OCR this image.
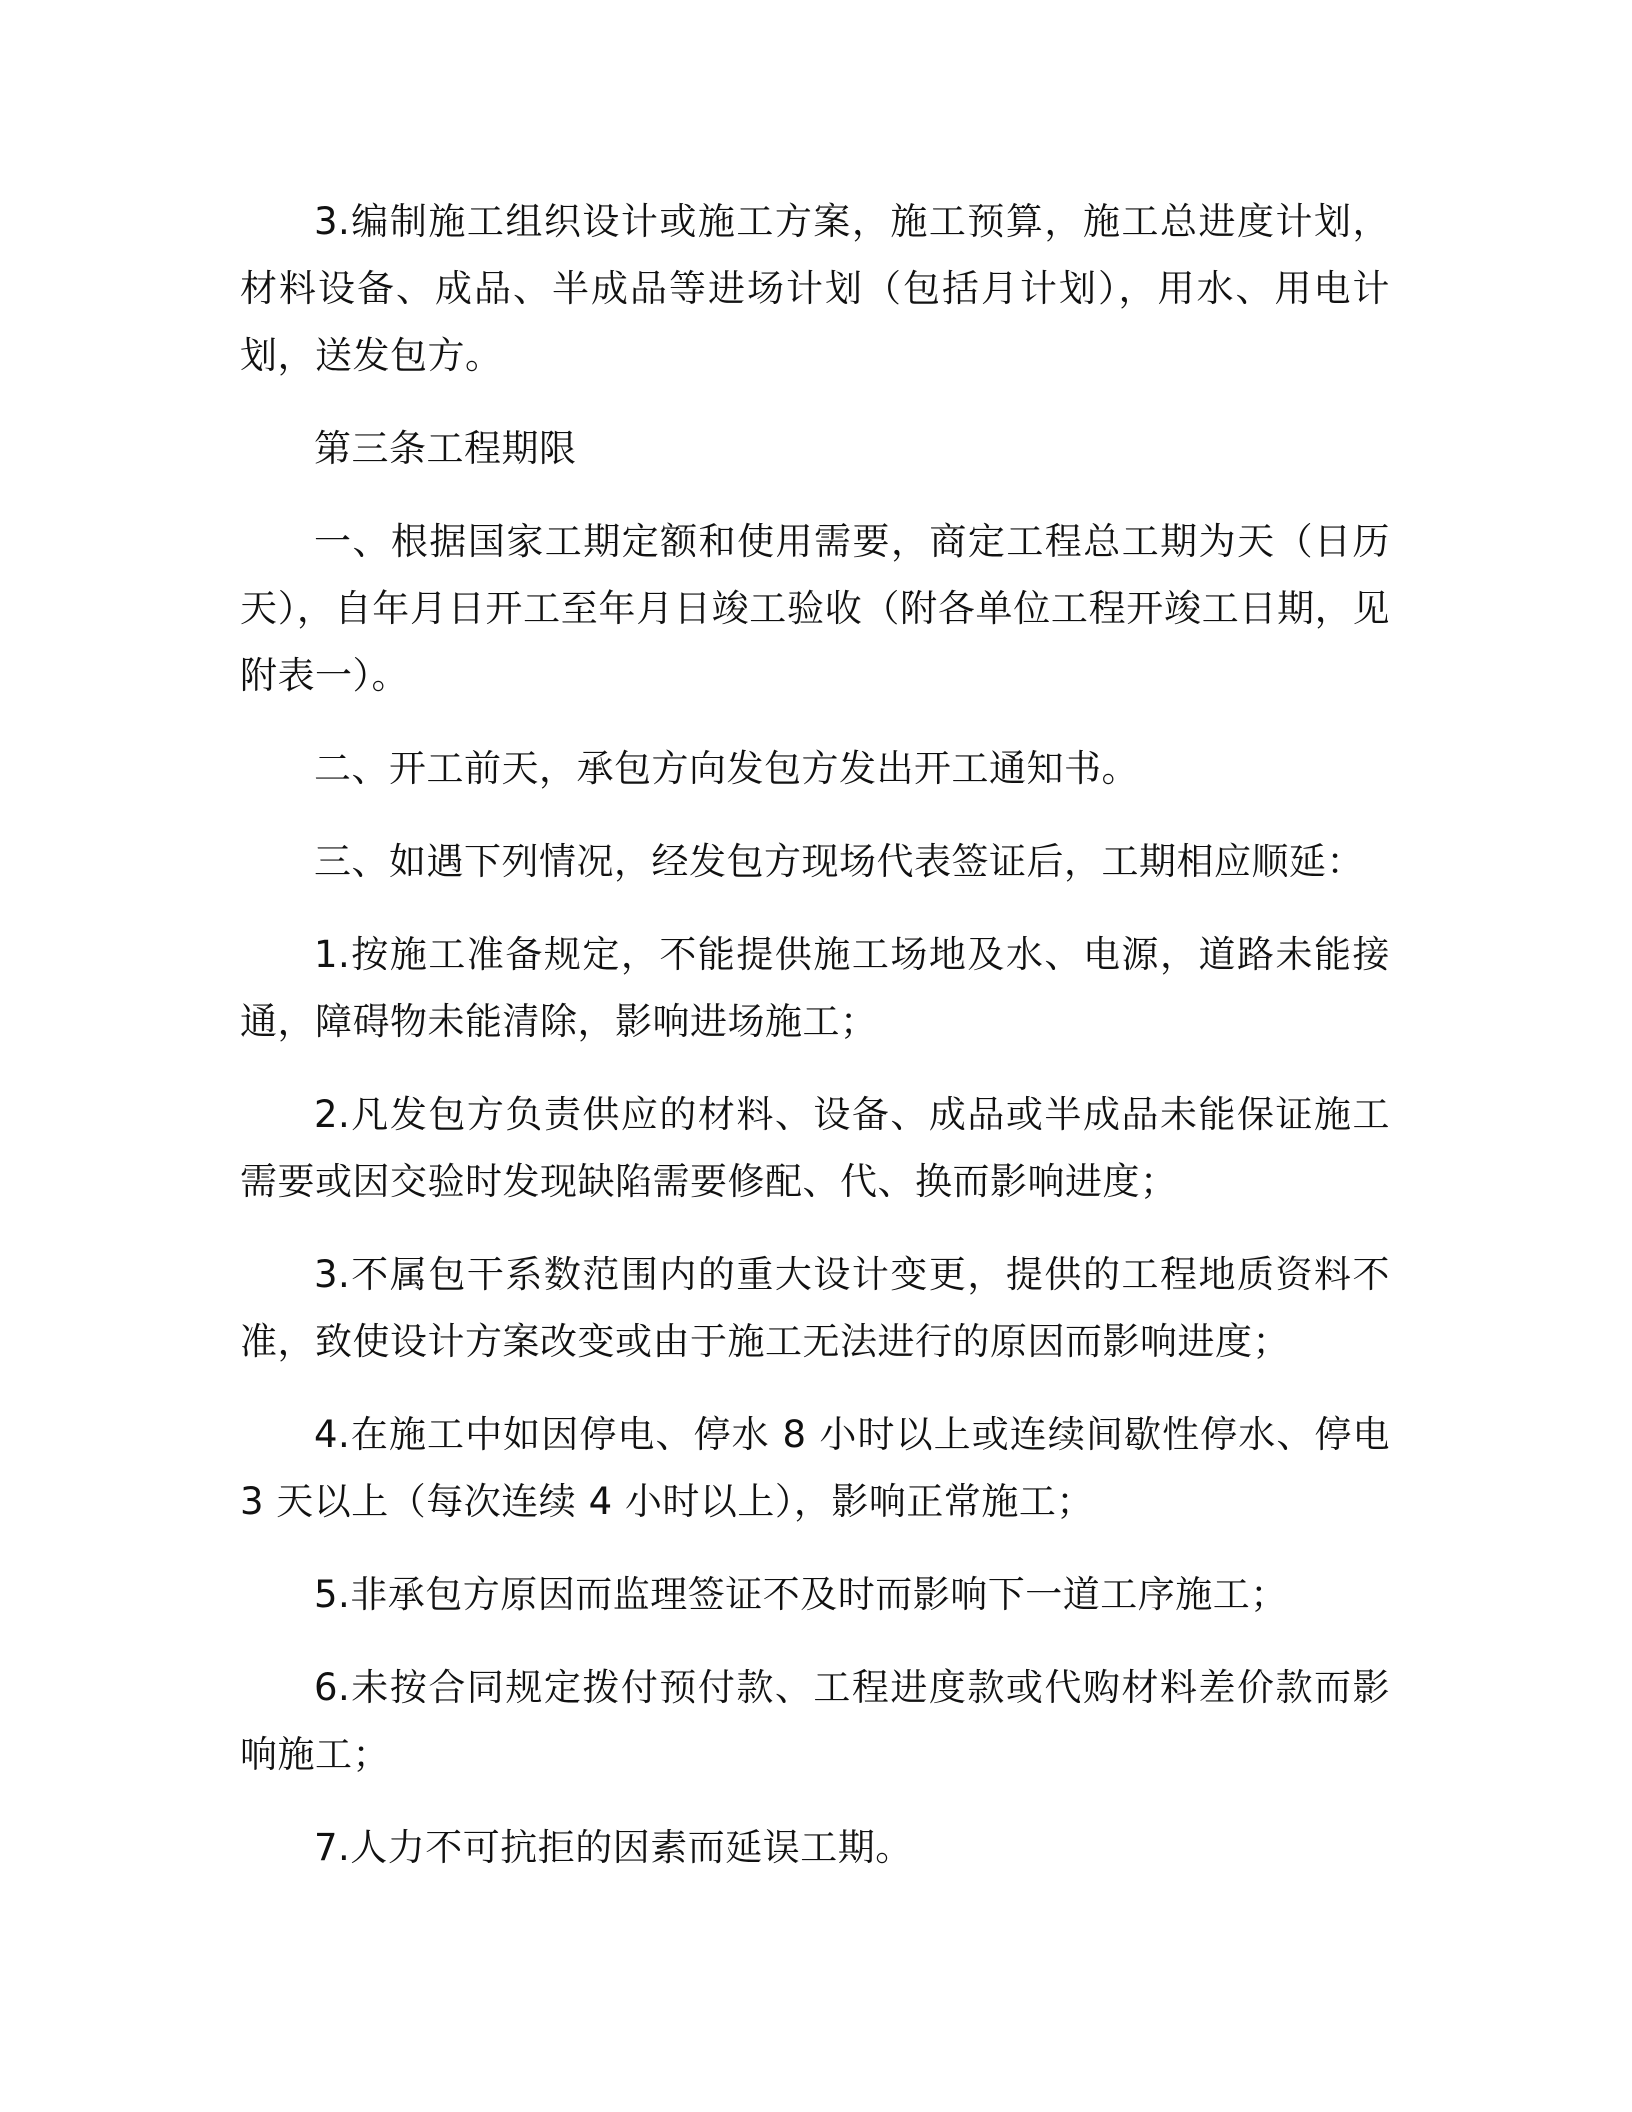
3.编制施工组织设计或施工方案，施工预算，施工总进度计划，材料设备、成品、半成品等进场计划（包括月计划），用水、用电计划，送发包方。

第三条工程期限

一、根据国家工期定额和使用需要，商定工程总工期为天（日历天），自年月日开工至年月日竣工验收（附各单位工程开竣工日期，见附表一）。

二、开工前天，承包方向发包方发出开工通知书。

三、如遇下列情况，经发包方现场代表签证后，工期相应顺延：

1.按施工准备规定，不能提供施工场地及水、电源，道路未能接通，障碍物未能清除，影响进场施工；

2.凡发包方负责供应的材料、设备、成品或半成品未能保证施工需要或因交验时发现缺陷需要修配、代、换而影响进度；

3.不属包干系数范围内的重大设计变更，提供的工程地质资料不准，致使设计方案改变或由于施工无法进行的原因而影响进度；

4.在施工中如因停电、停水 8 小时以上或连续间歇性停水、停电 3 天以上（每次连续 4 小时以上），影响正常施工；

5.非承包方原因而监理签证不及时而影响下一道工序施工；

6.未按合同规定拨付预付款、工程进度款或代购材料差价款而影响施工；

7.人力不可抗拒的因素而延误工期。
